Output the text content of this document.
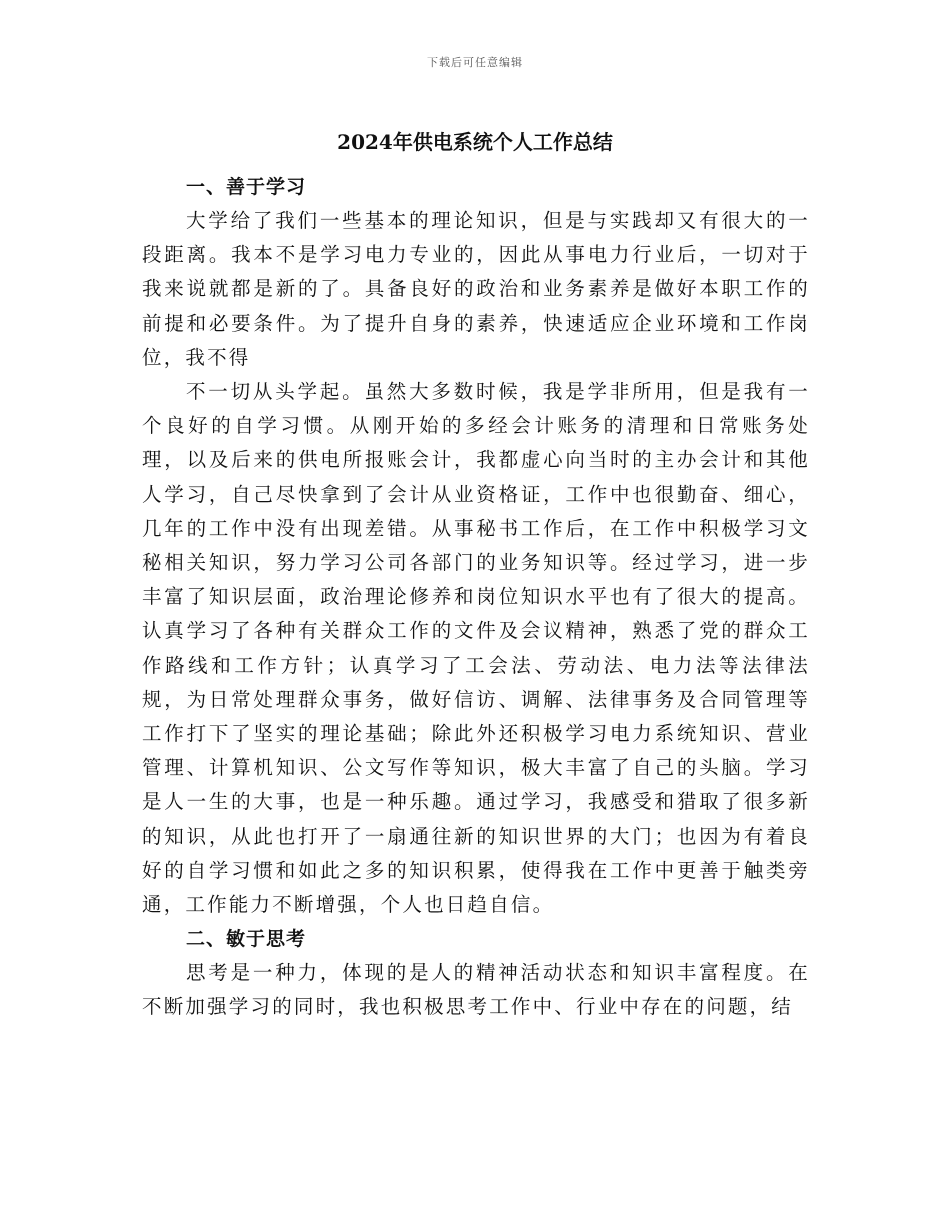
下载后可任意编辑
2024年供电系统个人工作总结
一、善于学习

大学给了我们一些基本的理论知识，但是与实践却又有很大的一段距离。我本不是学习电力专业的，因此从事电力行业后，一切对于我来说就都是新的了。具备良好的政治和业务素养是做好本职工作的前提和必要条件。为了提升自身的素养，快速适应企业环境和工作岗位，我不得

不一切从头学起。虽然大多数时候，我是学非所用，但是我有一个良好的自学习惯。从刚开始的多经会计账务的清理和日常账务处理，以及后来的供电所报账会计，我都虚心向当时的主办会计和其他人学习，自己尽快拿到了会计从业资格证，工作中也很勤奋、细心，几年的工作中没有出现差错。从事秘书工作后，在工作中积极学习文秘相关知识，努力学习公司各部门的业务知识等。经过学习，进一步丰富了知识层面，政治理论修养和岗位知识水平也有了很大的提高。认真学习了各种有关群众工作的文件及会议精神，熟悉了党的群众工作路线和工作方针；认真学习了工会法、劳动法、电力法等法律法规，为日常处理群众事务，做好信访、调解、法律事务及合同管理等工作打下了坚实的理论基础；除此外还积极学习电力系统知识、营业管理、计算机知识、公文写作等知识，极大丰富了自己的头脑。学习是人一生的大事，也是一种乐趣。通过学习，我感受和猎取了很多新的知识，从此也打开了一扇通往新的知识世界的大门；也因为有着良好的自学习惯和如此之多的知识积累，使得我在工作中更善于触类旁通，工作能力不断增强，个人也日趋自信。

二、敏于思考

思考是一种力，体现的是人的精神活动状态和知识丰富程度。在不断加强学习的同时，我也积极思考工作中、行业中存在的问题，结
